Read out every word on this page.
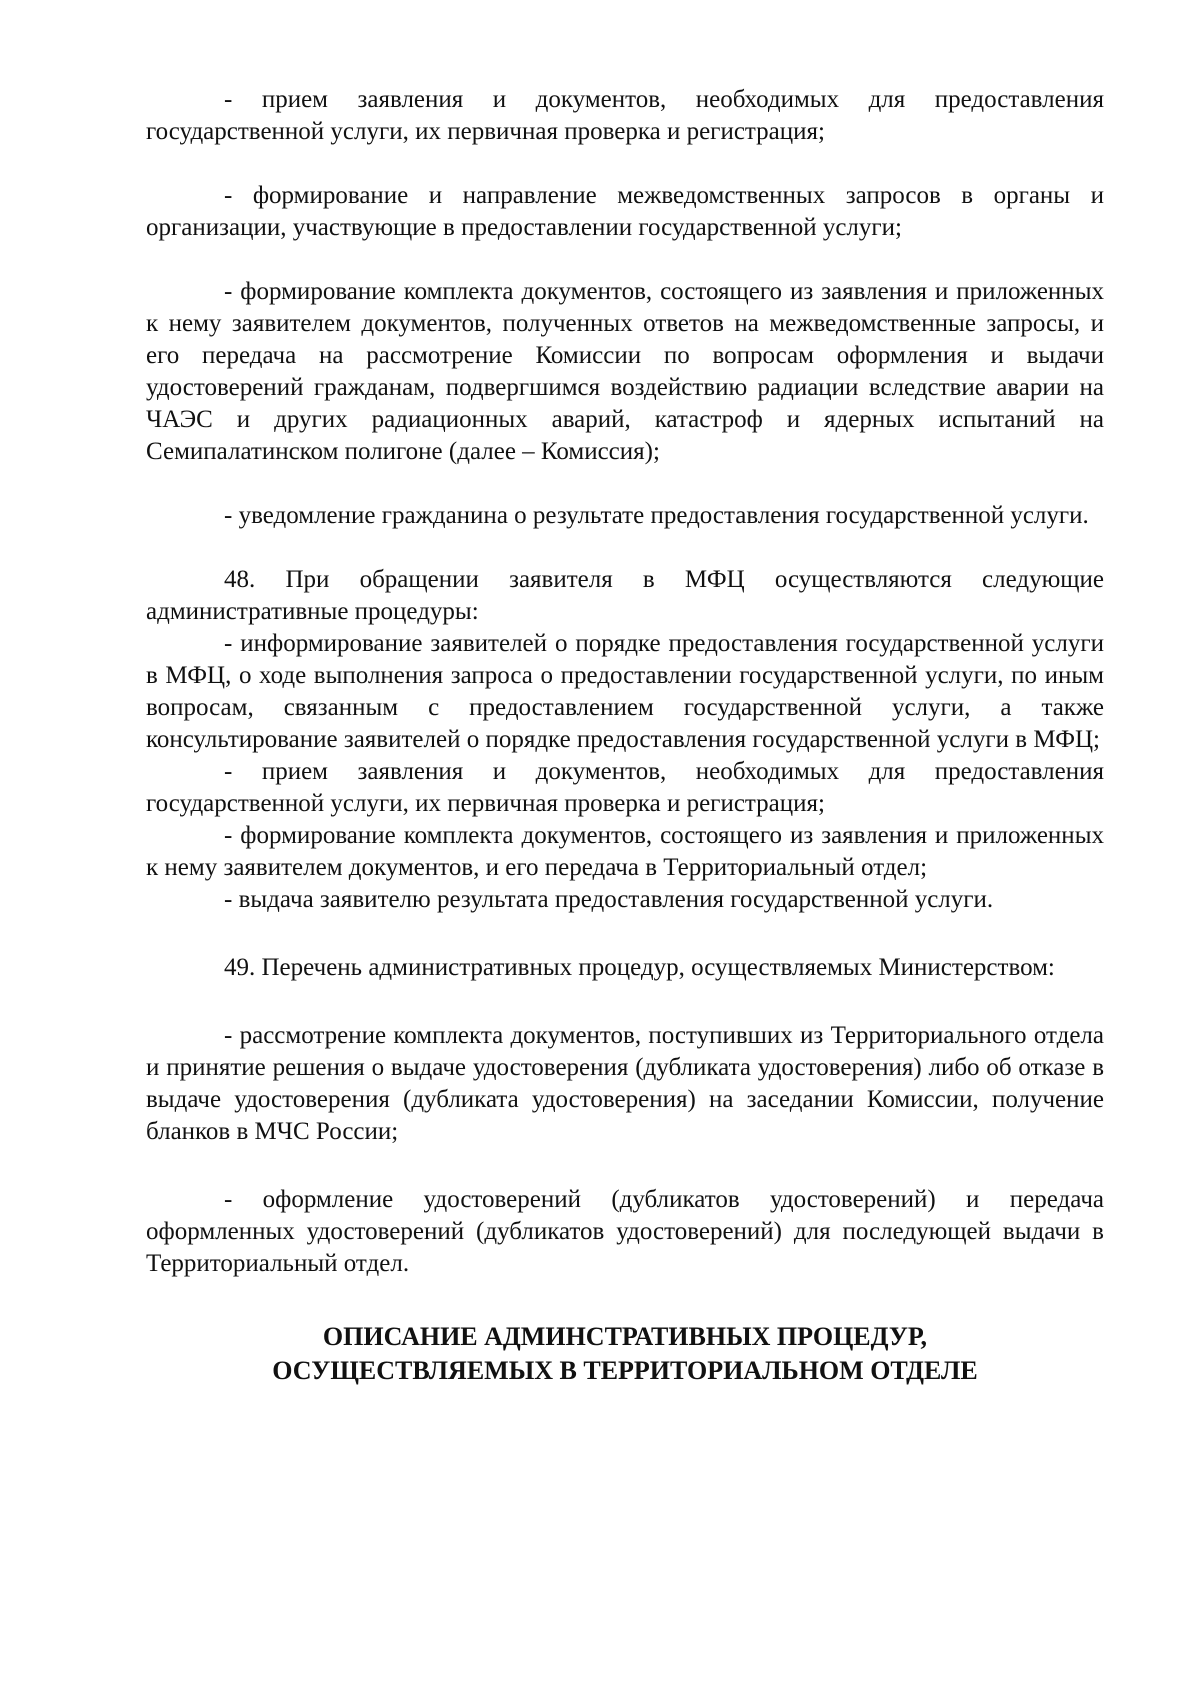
- прием заявления и документов, необходимых для предоставления государственной услуги, их первичная проверка и регистрация;

- формирование и направление межведомственных запросов в органы и организации, участвующие в предоставлении государственной услуги;

- формирование комплекта документов, состоящего из заявления и приложенных к нему заявителем документов, полученных ответов на межведомственные запросы, и его передача на рассмотрение Комиссии по вопросам оформления и выдачи удостоверений гражданам, подвергшимся воздействию радиации вследствие аварии на ЧАЭС и других радиационных аварий, катастроф и ядерных испытаний на Семипалатинском полигоне (далее – Комиссия);

- уведомление гражданина о результате предоставления государственной услуги.

48. При обращении заявителя в МФЦ осуществляются следующие административные процедуры:

- информирование заявителей о порядке предоставления государственной услуги в МФЦ, о ходе выполнения запроса о предоставлении государственной услуги, по иным вопросам, связанным с предоставлением государственной услуги, а также консультирование заявителей о порядке предоставления государственной услуги в МФЦ;

- прием заявления и документов, необходимых для предоставления государственной услуги, их первичная проверка и регистрация;

- формирование комплекта документов, состоящего из заявления и приложенных к нему заявителем документов, и его передача в Территориальный отдел;

- выдача заявителю результата предоставления государственной услуги.

49. Перечень административных процедур, осуществляемых Министерством:

- рассмотрение комплекта документов, поступивших из Территориального отдела и принятие решения о выдаче удостоверения (дубликата удостоверения) либо об отказе в выдаче удостоверения (дубликата удостоверения) на заседании Комиссии, получение бланков в МЧС России;

- оформление удостоверений (дубликатов удостоверений) и передача оформленных удостоверений (дубликатов удостоверений) для последующей выдачи в Территориальный отдел.

ОПИСАНИЕ АДМИНСТРАТИВНЫХ ПРОЦЕДУР,
ОСУЩЕСТВЛЯЕМЫХ В ТЕРРИТОРИАЛЬНОМ ОТДЕЛЕ
